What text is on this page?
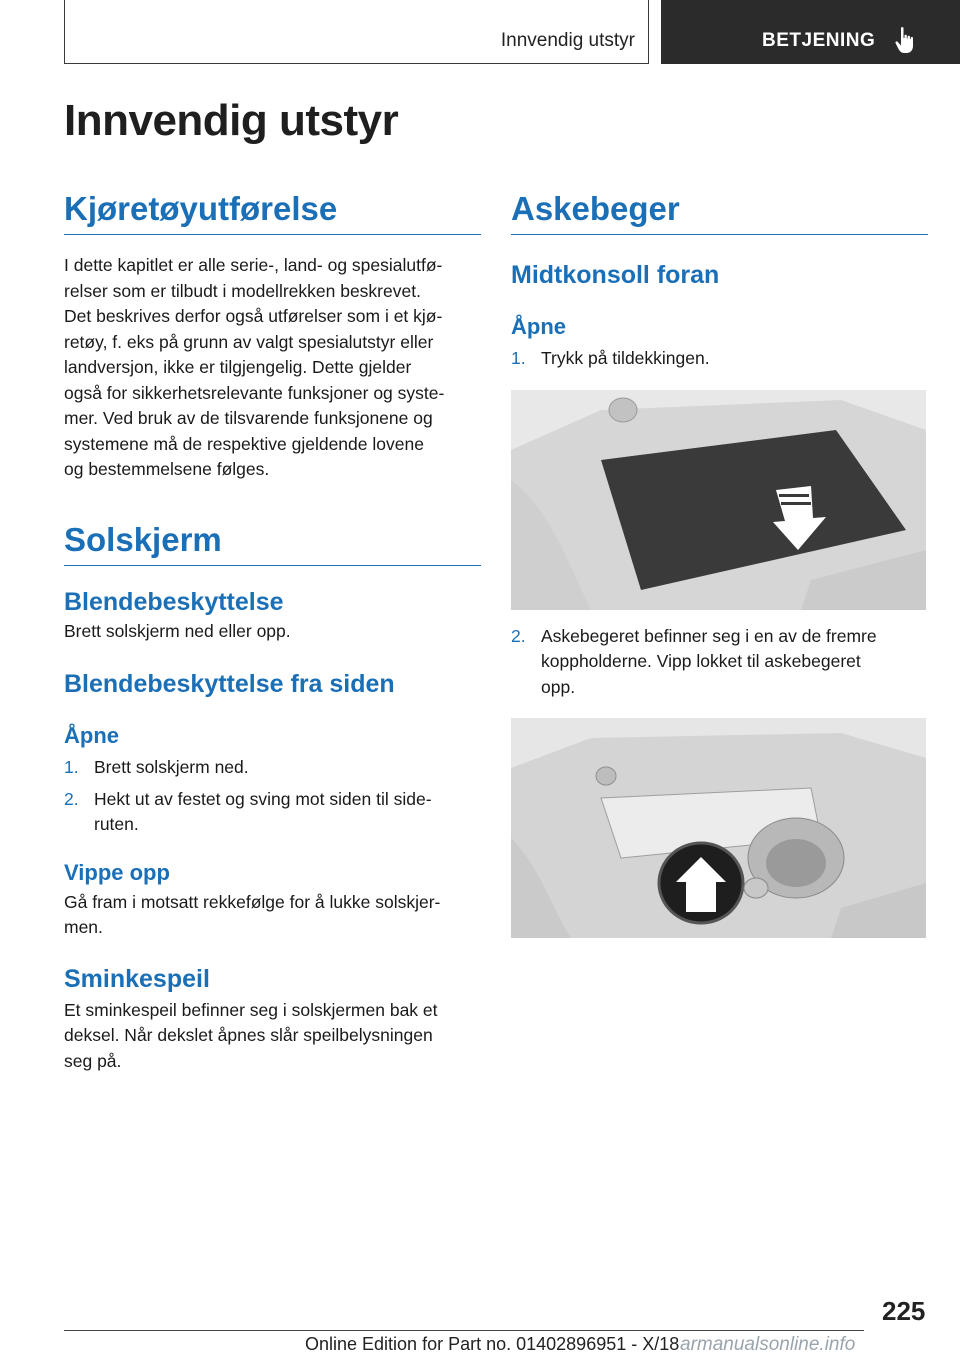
Innvendig utstyr	BETJENING
Innvendig utstyr
Kjøretøyutførelse

I dette kapitlet er alle serie-, land- og spesialutfø-

relser som er tilbudt i modellrekken beskrevet.

Det beskrives derfor også utførelser som i et kjø-

retøy, f. eks på grunn av valgt spesialutstyr eller

landversjon, ikke er tilgjengelig. Dette gjelder

også for sikkerhetsrelevante funksjoner og syste-

mer. Ved bruk av de tilsvarende funksjonene og

systemene må de respektive gjeldende lovene

og bestemmelsene følges.

Solskjerm
Blendebeskyttelse

Brett solskjerm ned eller opp.

Blendebeskyttelse fra siden
Åpne
1. Brett solskjerm ned.

2. Hekt ut av festet og sving mot siden til side-

ruten.

Vippe opp

Gå fram i motsatt rekkefølge for å lukke solskjer-

men.

Sminkespeil

Et sminkespeil befinner seg i solskjermen bak et

deksel. Når dekslet åpnes slår speilbelysningen

seg på.

Askebeger
Midtkonsoll foran
Åpne
1. Trykk på tildekkingen.

2. Askebegeret befinner seg i en av de fremre

koppholderne. Vipp lokket til askebegeret

opp.

225
Online Edition for Part no. 01402896951 - X/18 armanualsonline.info
